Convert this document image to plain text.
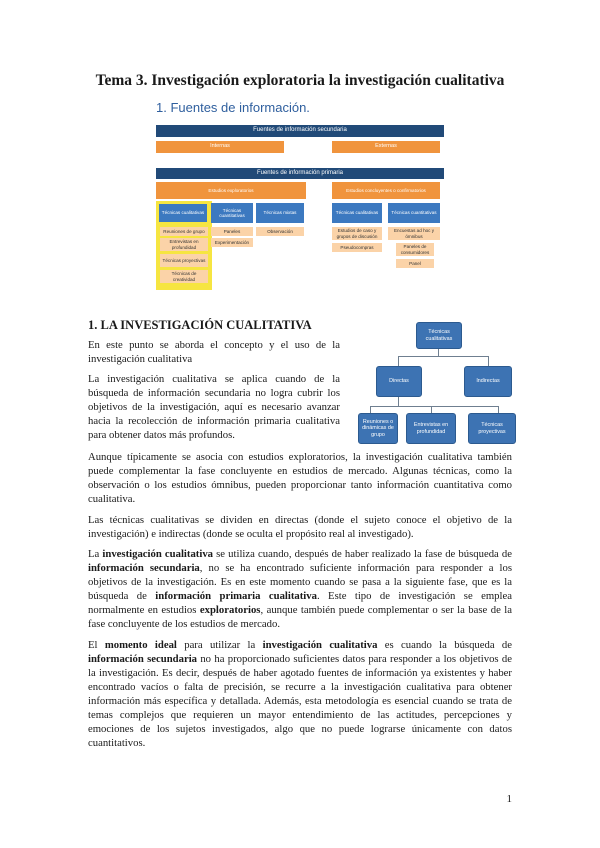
Tema 3. Investigación exploratoria la investigación cualitativa
1. Fuentes de información.
Fuentes de información secundaria
Internas	Externas
Fuentes de información primaria
Estudios exploratorios	Estudios concluyentes o confirmatorios
Técnicas cualitativas
Técnicas cuantitativas
Técnicas mixtas	Técnicas cualitativas	Técnicas cuantitativas
Reuniones de grupo
Entrevistas en profundidad
Técnicas proyectivas
Técnicas de creatividad
Paneles
Experimentación
Observación	Estudios de caso y grupos de discusión
Pseudocompras
Encuestas ad hoc y ómnibus
Paneles de consumidores
Panel
1. LA INVESTIGACIÓN CUALITATIVA

En este punto se aborda el concepto y el uso de la investigación cualitativa

La investigación cualitativa se aplica cuando de la búsqueda de información secundaria no logra cubrir los objetivos de la investigación, aquí es necesario avanzar hacia la recolección de información primaria cualitativa para obtener datos más profundos.

Técnicas cualitativas
Directas	Indirectas
Reuniones o dinámicas de grupo
Entrevistas en profundidad
Técnicas proyectivas

Aunque típicamente se asocia con estudios exploratorios, la investigación cualitativa también puede complementar la fase concluyente en estudios de mercado. Algunas técnicas, como la observación o los estudios ómnibus, pueden proporcionar tanto información cuantitativa como cualitativa.

Las técnicas cualitativas se dividen en directas (donde el sujeto conoce el objetivo de la investigación) e indirectas (donde se oculta el propósito real al investigado).

La investigación cualitativa se utiliza cuando, después de haber realizado la fase de búsqueda de información secundaria, no se ha encontrado suficiente información para responder a los objetivos de la investigación. Es en este momento cuando se pasa a la siguiente fase, que es la búsqueda de información primaria cualitativa. Este tipo de investigación se emplea normalmente en estudios exploratorios, aunque también puede complementar o ser la base de la fase concluyente de los estudios de mercado.

El momento ideal para utilizar la investigación cualitativa es cuando la búsqueda de información secundaria no ha proporcionado suficientes datos para responder a los objetivos de la investigación. Es decir, después de haber agotado fuentes de información ya existentes y haber encontrado vacíos o falta de precisión, se recurre a la investigación cualitativa para obtener información más específica y detallada. Además, esta metodología es esencial cuando se trata de temas complejos que requieren un mayor entendimiento de las actitudes, percepciones y emociones de los sujetos investigados, algo que no puede lograrse únicamente con datos cuantitativos.

1
